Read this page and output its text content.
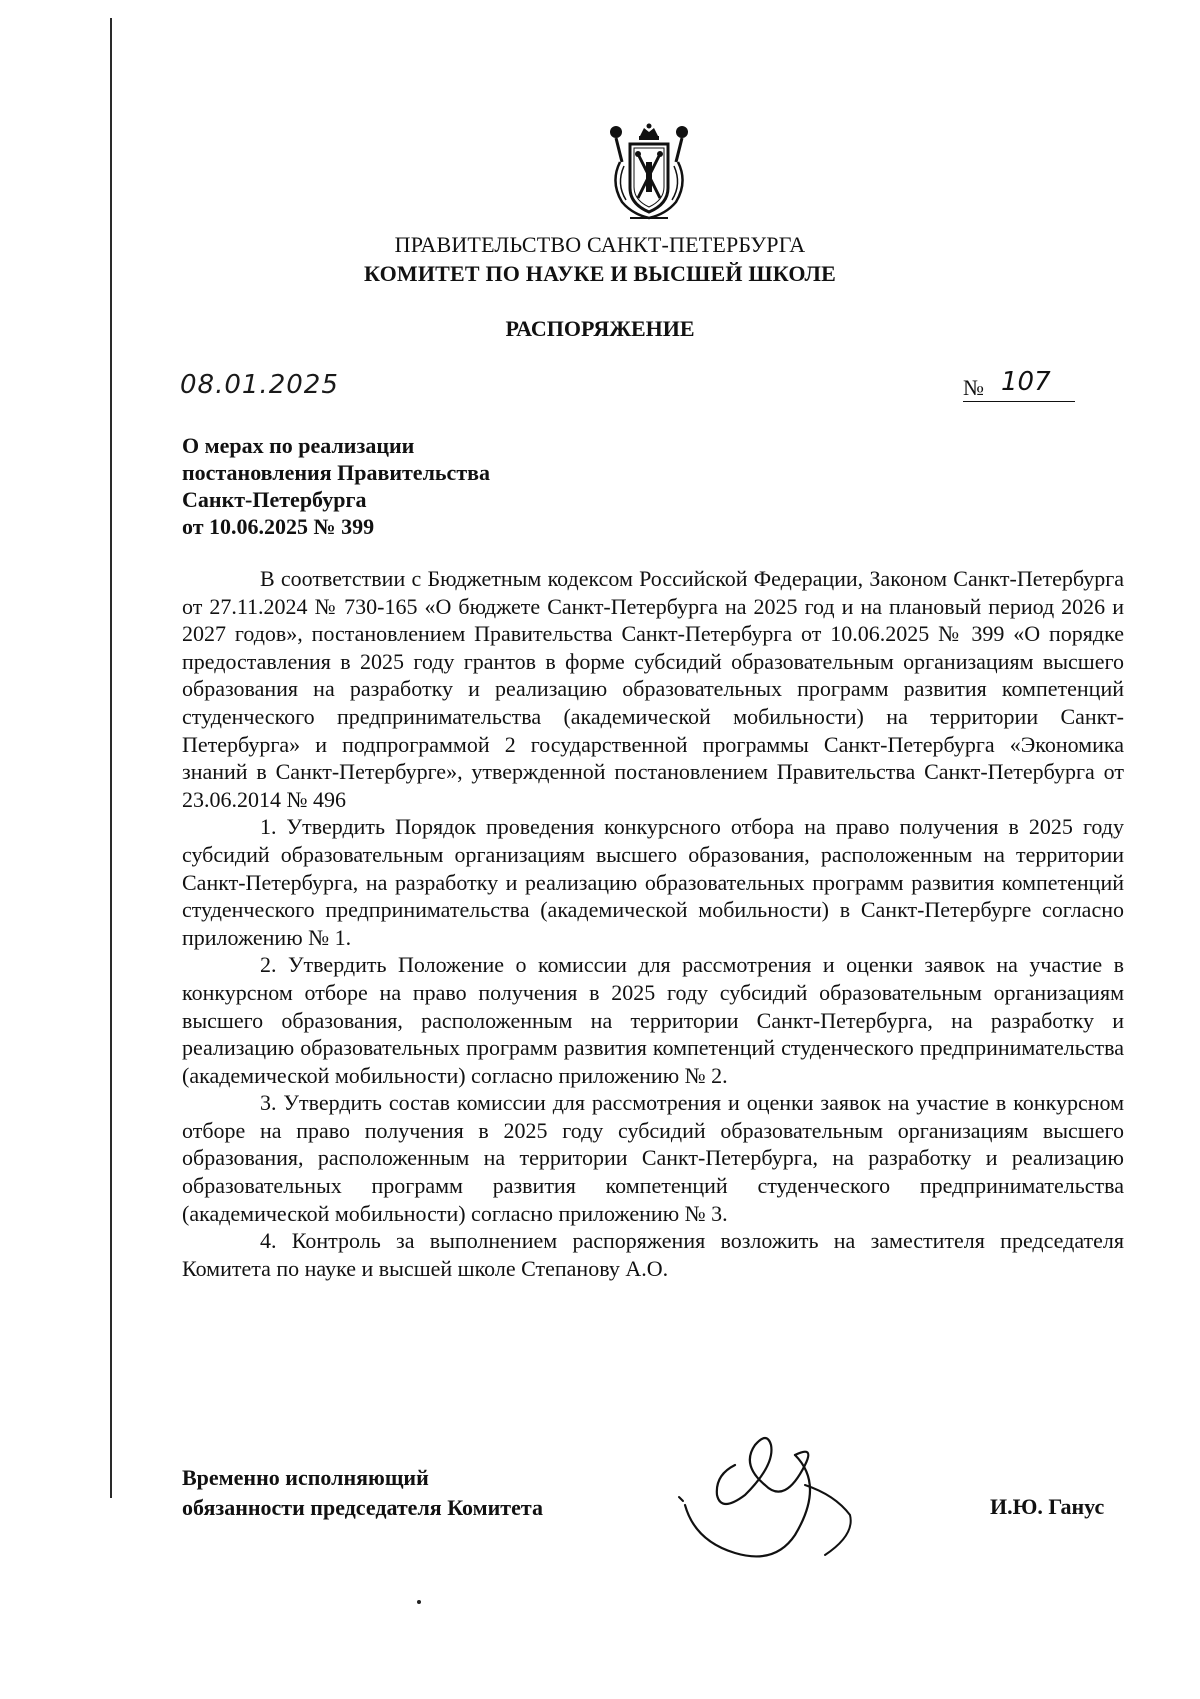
ПРАВИТЕЛЬСТВО САНКТ-ПЕТЕРБУРГА
КОМИТЕТ ПО НАУКЕ И ВЫСШЕЙ ШКОЛЕ
РАСПОРЯЖЕНИЕ
08.01.2025	№ 107
О мерах по реализации
постановления Правительства
Санкт-Петербурга
от 10.06.2025 № 399

В соответствии с Бюджетным кодексом Российской Федерации, Законом Санкт-Петербурга от 27.11.2024 № 730-165 «О бюджете Санкт-Петербурга на 2025 год и на плановый период 2026 и 2027 годов», постановлением Правительства Санкт-Петербурга от 10.06.2025 № 399 «О порядке предоставления в 2025 году грантов в форме субсидий образовательным организациям высшего образования на разработку и реализацию образовательных программ развития компетенций студенческого предпринимательства (академической мобильности) на территории Санкт-Петербурга» и подпрограммой 2 государственной программы Санкт-Петербурга «Экономика знаний в Санкт-Петербурге», утвержденной постановлением Правительства Санкт-Петербурга от 23.06.2014 № 496

1. Утвердить Порядок проведения конкурсного отбора на право получения в 2025 году субсидий образовательным организациям высшего образования, расположенным на территории Санкт-Петербурга, на разработку и реализацию образовательных программ развития компетенций студенческого предпринимательства (академической мобильности) в Санкт-Петербурге согласно приложению № 1.

2. Утвердить Положение о комиссии для рассмотрения и оценки заявок на участие в конкурсном отборе на право получения в 2025 году субсидий образовательным организациям высшего образования, расположенным на территории Санкт-Петербурга, на разработку и реализацию образовательных программ развития компетенций студенческого предпринимательства (академической мобильности) согласно приложению № 2.

3. Утвердить состав комиссии для рассмотрения и оценки заявок на участие в конкурсном отборе на право получения в 2025 году субсидий образовательным организациям высшего образования, расположенным на территории Санкт-Петербурга, на разработку и реализацию образовательных программ развития компетенций студенческого предпринимательства (академической мобильности) согласно приложению № 3.

4. Контроль за выполнением распоряжения возложить на заместителя председателя Комитета по науке и высшей школе Степанову А.О.

Временно исполняющий
обязанности председателя Комитета	И.Ю. Ганус
